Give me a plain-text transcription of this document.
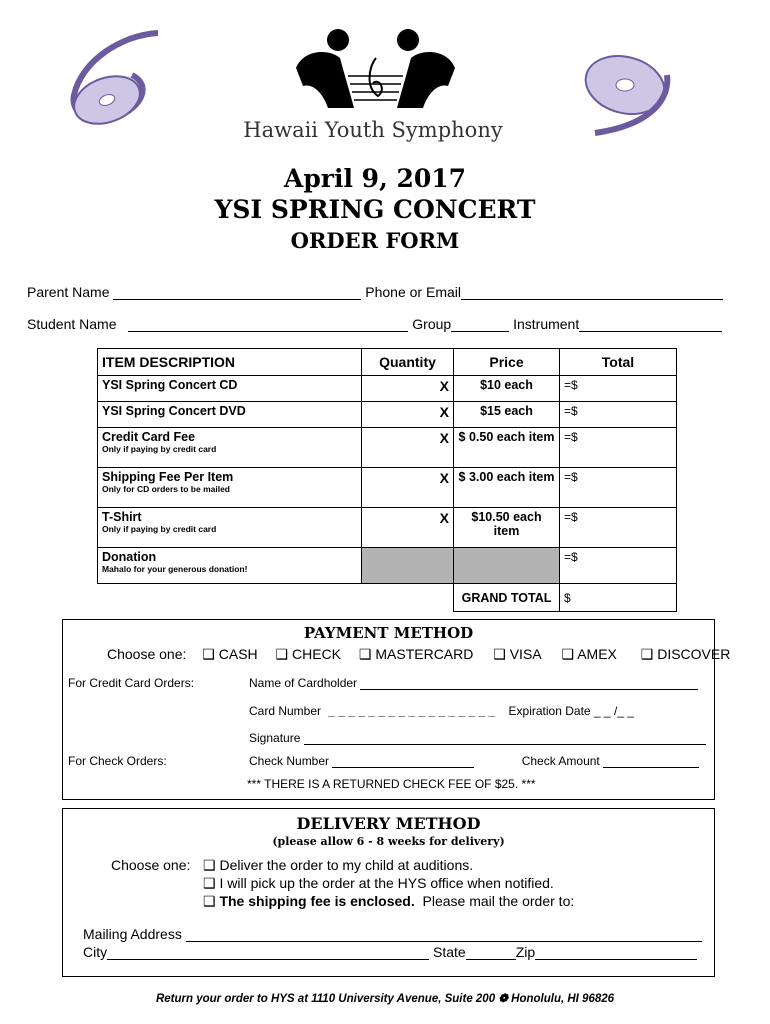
Hawaii Youth Symphony
April 9, 2017
YSI SPRING CONCERT
ORDER FORM
Parent Name	Phone or Email
Student Name	Group	Instrument
ITEM DESCRIPTION	Quantity	Price	Total
YSI Spring Concert CD	X	$10 each	=$
YSI Spring Concert DVD	X	$15 each	=$
Credit Card Fee
Only if paying by credit card	X	$ 0.50 each item	=$
Shipping Fee Per Item
Only for CD orders to be mailed	X	$ 3.00 each item	=$
T-Shirt
Only if paying by credit card	X	$10.50 each item	=$
Donation
Mahalo for your generous donation!			=$
		GRAND TOTAL	$
PAYMENT METHOD
Choose one: ❑ CASH ❑ CHECK ❑ MASTERCARD ❑ VISA ❑ AMEX ❑ DISCOVER
For Credit Card Orders:	Name of Cardholder
Card Number _ _ _ _ _ _ _ _ _ _ _ _ _ _ _ _ _ Expiration Date _ _ /_ _
Signature
For Check Orders:	Check Number	Check Amount
*** THERE IS A RETURNED CHECK FEE OF $25. ***
DELIVERY METHOD
(please allow 6 - 8 weeks for delivery)
Choose one: ❑ Deliver the order to my child at auditions.
❑ I will pick up the order at the HYS office when notified.
❑ The shipping fee is enclosed. Please mail the order to:
Mailing Address
City	State	Zip
Return your order to HYS at 1110 University Avenue, Suite 200 ❁ Honolulu, HI 96826
